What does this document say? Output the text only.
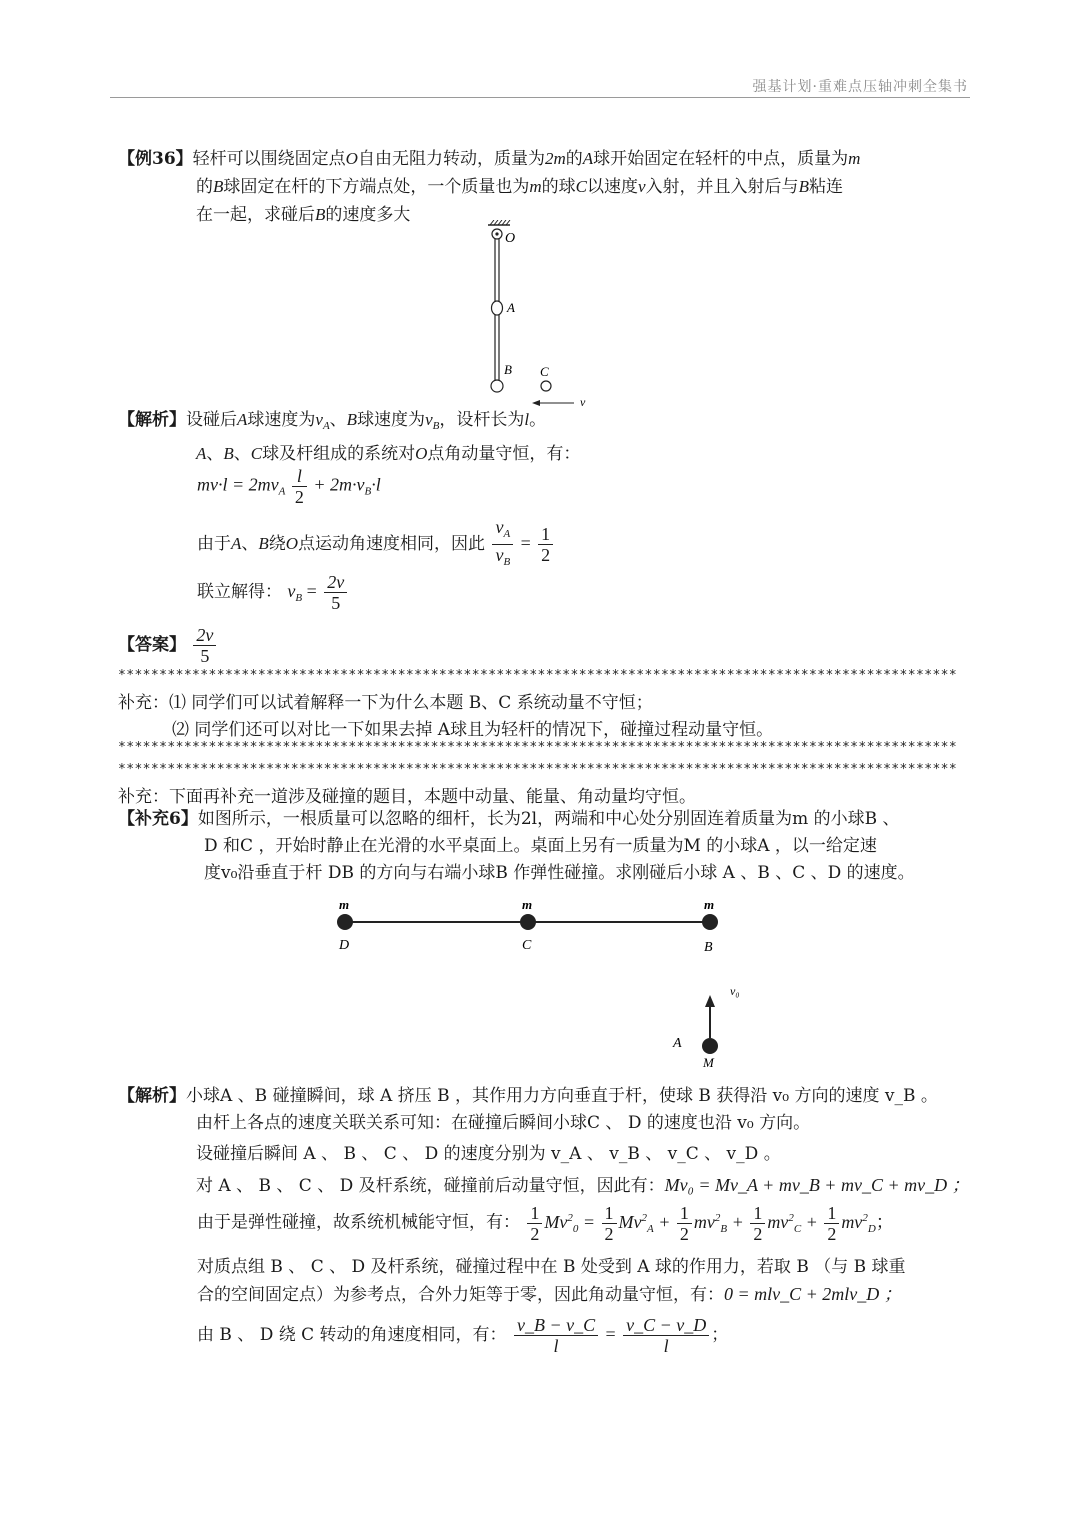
强基计划·重难点压轴冲刺全集书
【例36】轻杆可以围绕固定点O自由无阻力转动，质量为2m的A球开始固定在轻杆的中点，质量为m
的B球固定在杆的下方端点处，一个质量也为m的球C以速度v入射，并且入射后与B粘连
在一起，求碰后B的速度多大
O
A
B C
v
【解析】设碰后A球速度为$v_A$、B球速度为$v_B$，设杆长为l。
A、B、C球及杆组成的系统对O点角动量守恒，有：
$mv\cdot l = 2mv_A \frac{l}{2} + 2m\cdot v_B\cdot l$
由于A、B绕O点运动角速度相同，因此 $\frac{v_A}{v_B} = \frac{1}{2}$
联立解得： $v_B = \frac{2v}{5}$
【答案】 $\frac{2v}{5}$
******************************************************************************************************
补充：⑴ 同学们可以试着解释一下为什么本题 B、C 系统动量不守恒；
⑵ 同学们还可以对比一下如果去掉 A球且为轻杆的情况下，碰撞过程动量守恒。
******************************************************************************************************
******************************************************************************************************
补充：下面再补充一道涉及碰撞的题目，本题中动量、能量、角动量均守恒。
【补充6】如图所示，一根质量可以忽略的细杆，长为2l，两端和中心处分别固连着质量为m 的小球B 、
D 和C ，开始时静止在光滑的水平桌面上。桌面上另有一质量为M 的小球A ，以一给定速
度v₀沿垂直于杆 DB 的方向与右端小球B 作弹性碰撞。求刚碰后小球 A 、B 、C 、D 的速度。
m	m	m
D	C	B
v₀
A
M
【解析】小球A 、B 碰撞瞬间，球 A 挤压 B ，其作用力方向垂直于杆，使球 B 获得沿 v₀ 方向的速度 v_B 。
由杆上各点的速度关联关系可知：在碰撞后瞬间小球C 、 D 的速度也沿 v₀ 方向。
设碰撞后瞬间 A 、 B 、 C 、 D 的速度分别为 v_A 、 v_B 、 v_C 、 v_D 。
对 A 、 B 、 C 、 D 及杆系统，碰撞前后动量守恒，因此有：Mv₀ = Mv_A + mv_B + mv_C + mv_D ；
由于是弹性碰撞，故系统机械能守恒，有： $\frac{1}{2} Mv^2_0 = \frac{1}{2} Mv^2_A + \frac{1}{2} mv^2_B + \frac{1}{2} mv^2_C + \frac{1}{2} mv^2_D$；
对质点组 B 、 C 、 D 及杆系统，碰撞过程中在 B 处受到 A 球的作用力，若取 B （与 B 球重
合的空间固定点）为参考点，合外力矩等于零，因此角动量守恒，有：0 = mlv_C + 2mlv_D ；
由 B 、 D 绕 C 转动的角速度相同，有： $\frac{v\_B - v\_C}{l} = \frac{v\_C - v\_D}{l}$ ；
